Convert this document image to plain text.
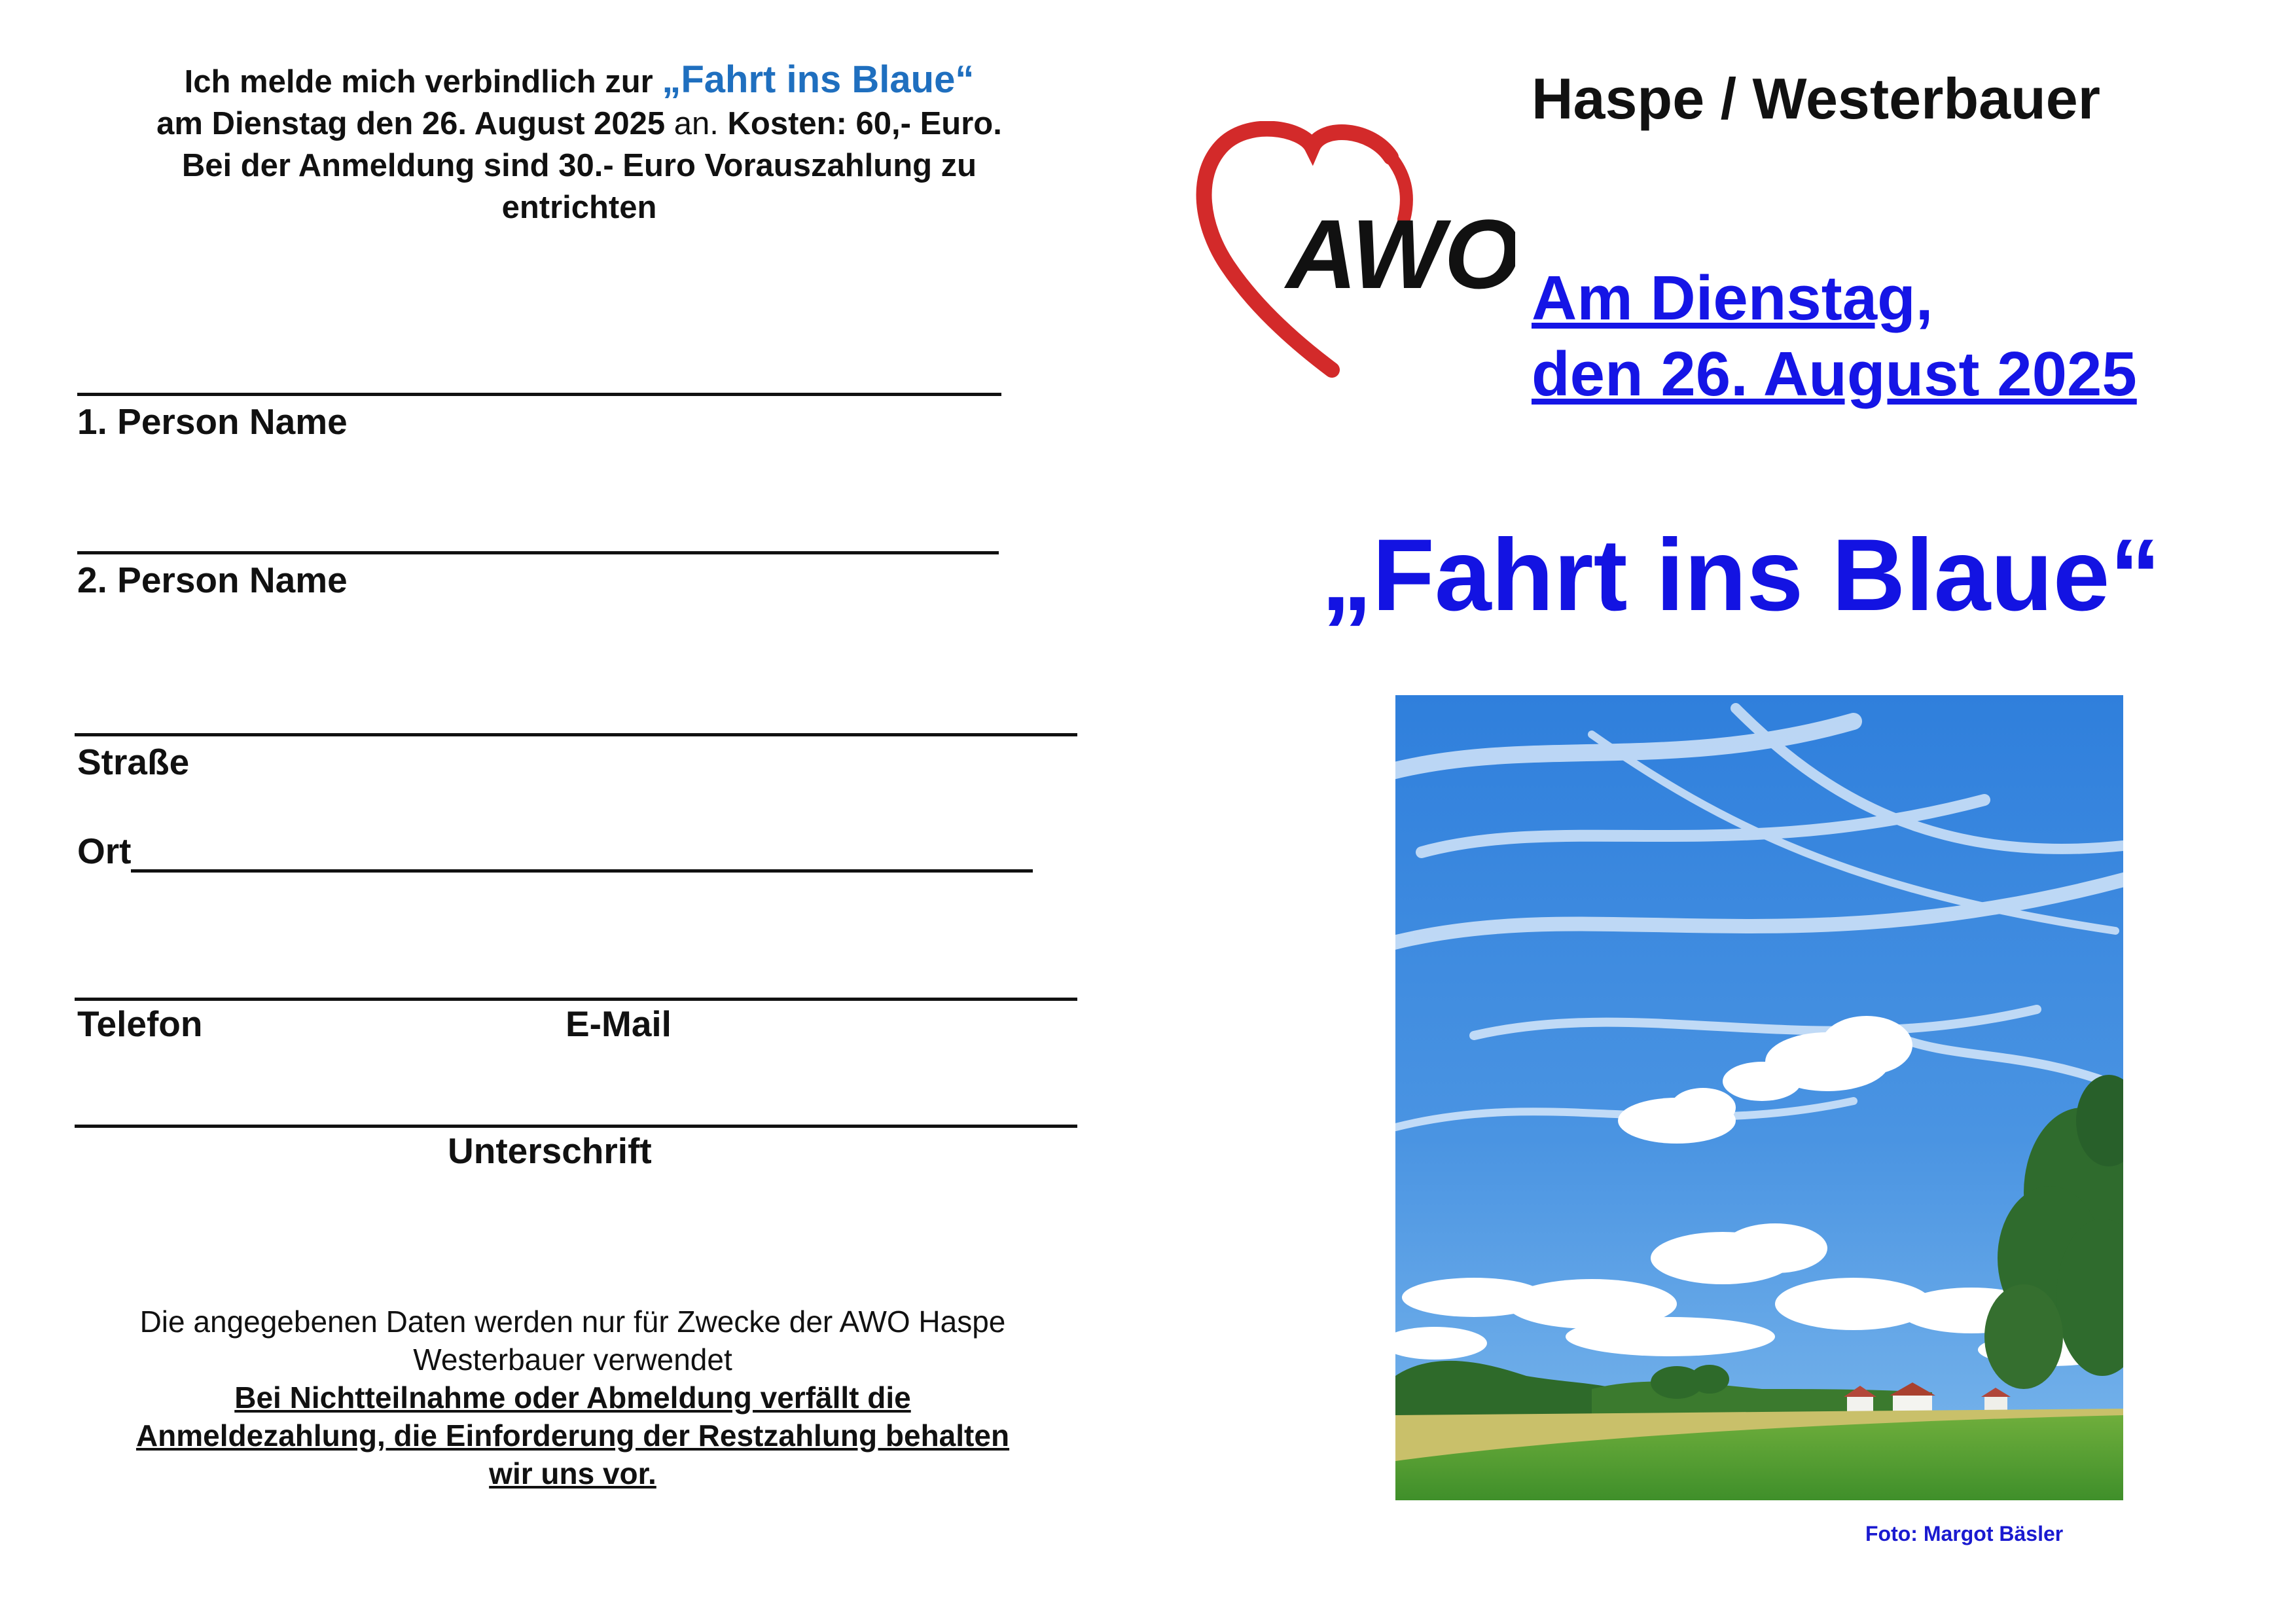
Ich melde mich verbindlich zur „Fahrt ins Blaue“
am Dienstag den 26. August 2025 an. Kosten: 60,- Euro.
Bei der Anmeldung sind 30.- Euro Vorauszahlung zu
entrichten
1. Person Name
2. Person Name
Straße
Ort
Telefon	E-Mail
Unterschrift
Die angegebenen Daten werden nur für Zwecke der AWO Haspe
Westerbauer verwendet
Bei Nichtteilnahme oder Abmeldung verfällt die
Anmeldezahlung, die Einforderung der Restzahlung behalten
wir uns vor.
AWO
Haspe / Westerbauer
Am Dienstag,
den 26. August 2025
„Fahrt ins Blaue“
Foto: Margot Bäsler
